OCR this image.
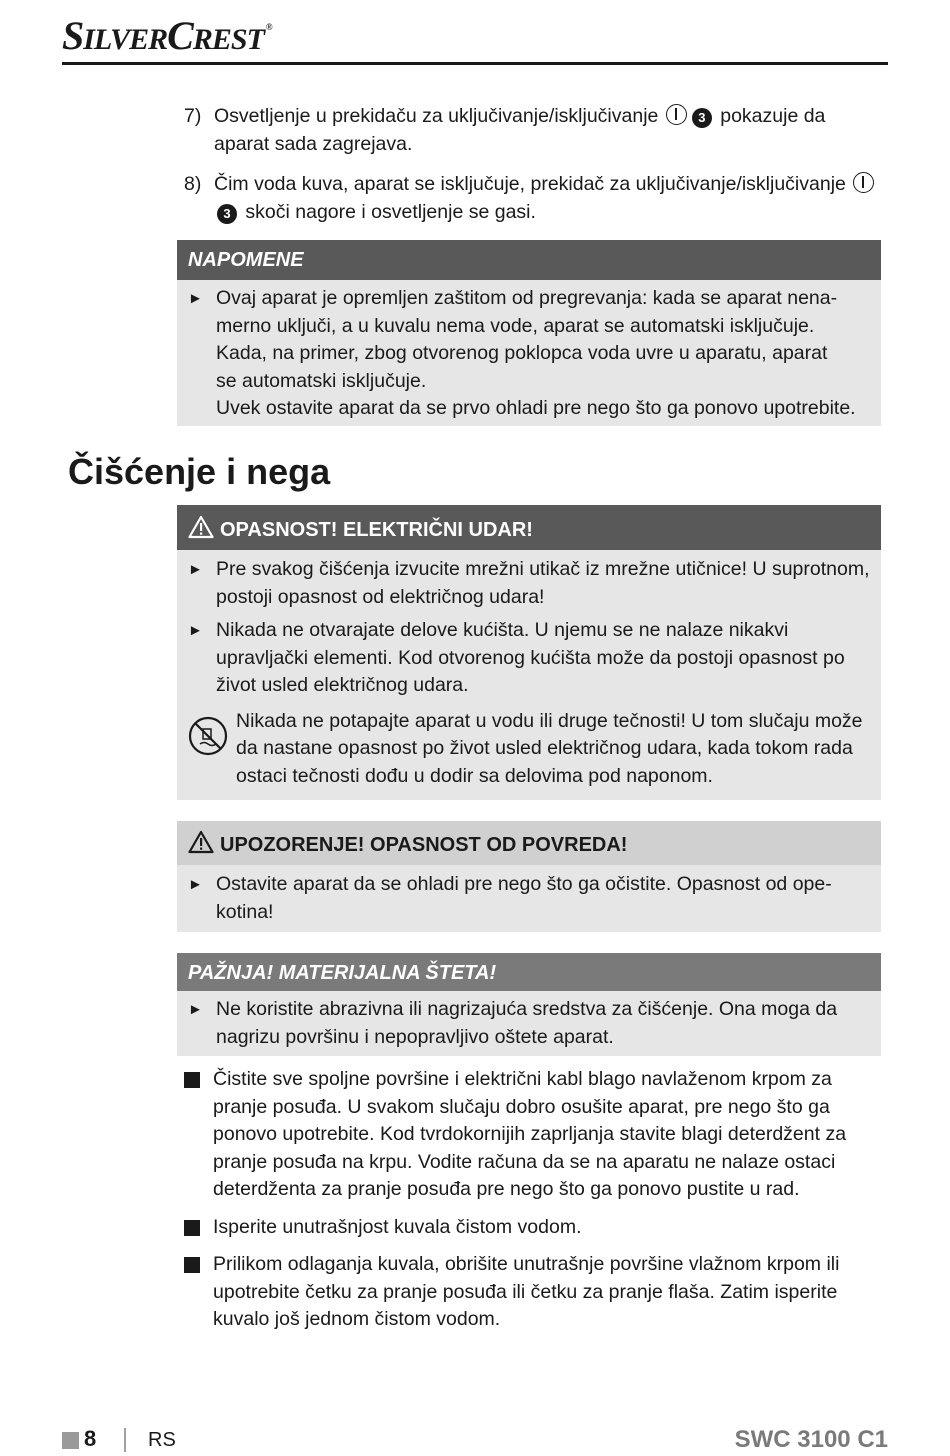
SILVERCREST ®
7) Osvetljenje u prekidaču za uključivanje/isključivanje	3 pokazuje da aparat sada zagrejava.
8) Čim voda kuva, aparat se isključuje, prekidač za uključivanje/isključivanje 3 skoči nagore i osvetljenje se gasi.
NAPOMENE
► Ovaj aparat je opremljen zaštitom od pregrevanja: kada se aparat nena-
merno uključi, a u kuvalu nema vode, aparat se automatski isključuje.
Kada, na primer, zbog otvorenog poklopca voda uvre u aparatu, aparat
se automatski isključuje.
Uvek ostavite aparat da se prvo ohladi pre nego što ga ponovo upotrebite.
Čišćenje i nega
OPASNOST! ELEKTRIČNI UDAR!
► Pre svakog čišćenja izvucite mrežni utikač iz mrežne utičnice! U suprotnom, postoji opasnost od električnog udara!
► Nikada ne otvarajate delove kućišta. U njemu se ne nalaze nikakvi upravljački elementi. Kod otvorenog kućišta može da postoji opasnost po život usled električnog udara.
Nikada ne potapajte aparat u vodu ili druge tečnosti! U tom slučaju može da nastane opasnost po život usled električnog udara, kada tokom rada ostaci tečnosti dođu u dodir sa delovima pod naponom.
UPOZORENJE! OPASNOST OD POVREDA!
► Ostavite aparat da se ohladi pre nego što ga očistite. Opasnost od ope-
kotina!
PAŽNJA! MATERIJALNA ŠTETA!
► Ne koristite abrazivna ili nagrizajuća sredstva za čišćenje. Ona moga da nagrizu površinu i nepopravljivo oštete aparat.
Čistite sve spoljne površine i električni kabl blago navlaženom krpom za pranje posuđa. U svakom slučaju dobro osušite aparat, pre nego što ga ponovo upotrebite. Kod tvrdokornijih zaprljanja stavite blagi deterdžent za pranje posuđa na krpu. Vodite računa da se na aparatu ne nalaze ostaci deterdženta za pranje posuđa pre nego što ga ponovo pustite u rad.
Isperite unutrašnjost kuvala čistom vodom.
Prilikom odlaganja kuvala, obrišite unutrašnje površine vlažnom krpom ili upotrebite četku za pranje posuđa ili četku za pranje flaša. Zatim isperite kuvalo još jednom čistom vodom.
8	RS	SWC 3100 C1
